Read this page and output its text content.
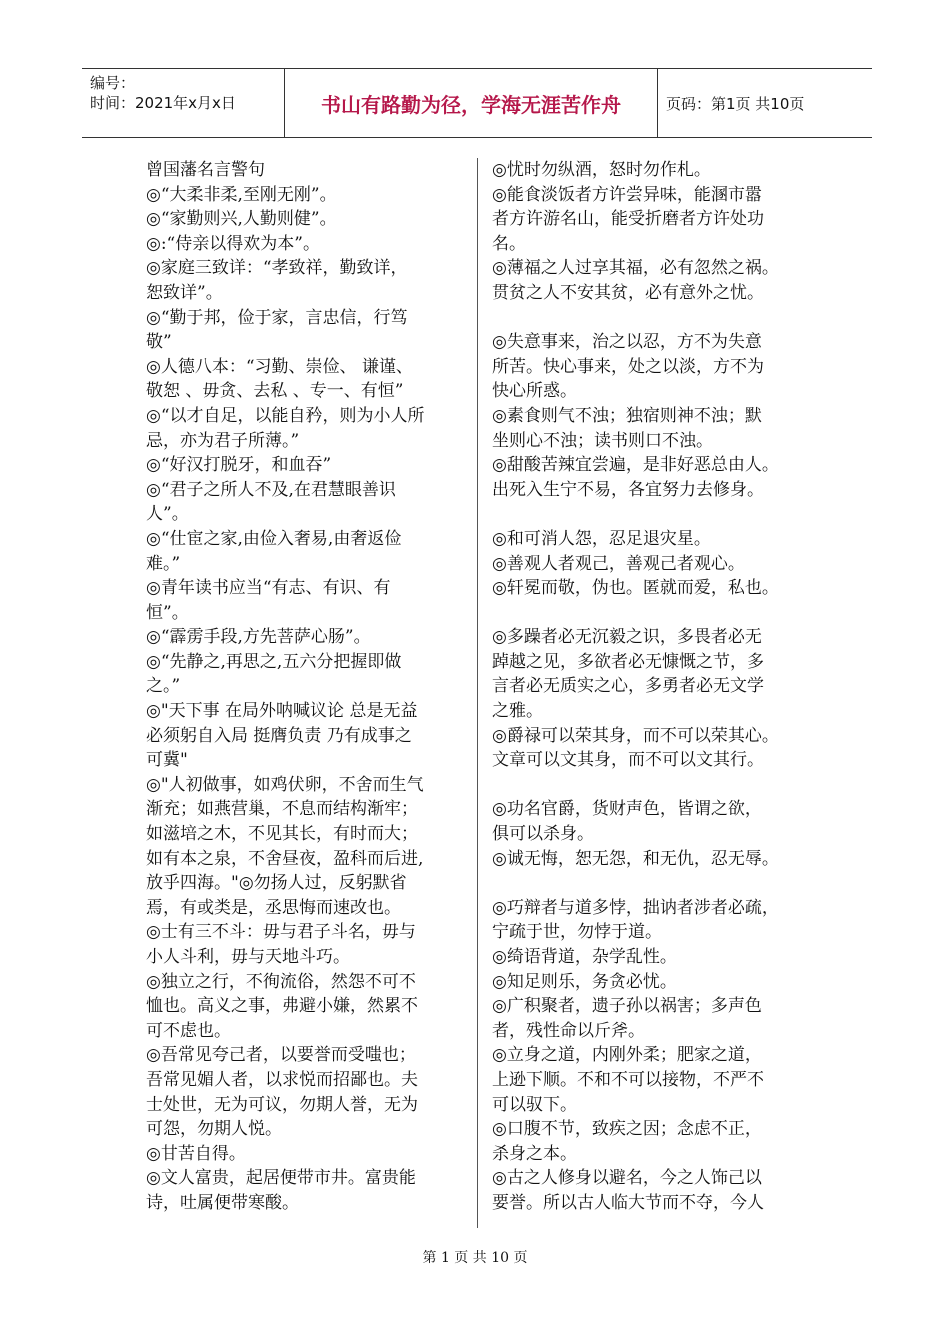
编号：
时间：2021年x月x日	书山有路勤为径，学海无涯苦作舟	页码：第1页 共10页
曾国藩名言警句
◎“大柔非柔,至刚无刚”。
◎“家勤则兴,人勤则健”。
◎:“侍亲以得欢为本”。
◎家庭三致详：“孝致祥，勤致详，
恕致详”。
◎“勤于邦，俭于家，言忠信，行笃
敬”
◎人德八本：“习勤、崇俭、 谦谨、
敬恕 、毋贪、去私 、专一、有恒”
◎“以才自足，以能自矜，则为小人所
忌，亦为君子所薄。”
◎“好汉打脱牙，和血吞”
◎“君子之所人不及,在君慧眼善识
人”。
◎“仕宦之家,由俭入奢易,由奢返俭
难。”
◎青年读书应当“有志、有识、有
恒”。
◎“霹雳手段,方先菩萨心肠”。
◎“先静之,再思之,五六分把握即做
之。”
◎"天下事 在局外呐喊议论 总是无益
必须躬自入局 挺膺负责 乃有成事之
可冀"
◎"人初做事，如鸡伏卵，不舍而生气
渐充；如燕营巢，不息而结构渐牢；
如滋培之木，不见其长，有时而大；
如有本之泉，不舍昼夜，盈科而后进,
放乎四海。"◎勿扬人过，反躬默省
焉，有或类是，丞思悔而速改也。
◎士有三不斗：毋与君子斗名，毋与
小人斗利，毋与天地斗巧。
◎独立之行，不徇流俗，然怨不可不
恤也。高义之事，弗避小嫌，然累不
可不虑也。
◎吾常见夸己者，以要誉而受嗤也；
吾常见媚人者，以求悦而招鄙也。夫
士处世，无为可议，勿期人誉，无为
可怨，勿期人悦。
◎甘苦自得。
◎文人富贵，起居便带市井。富贵能
诗，吐属便带寒酸。
◎忧时勿纵酒，怒时勿作札。
◎能食淡饭者方许尝异味，能溷市嚣
者方许游名山，能受折磨者方许处功
名。
◎薄福之人过享其福，必有忽然之祸。
贯贫之人不安其贫，必有意外之忧。
◎失意事来，治之以忍，方不为失意
所苦。快心事来，处之以淡，方不为
快心所惑。
◎素食则气不浊；独宿则神不浊；默
坐则心不浊；读书则口不浊。
◎甜酸苦辣宜尝遍，是非好恶总由人。
出死入生宁不易，各宜努力去修身。
◎和可消人怨，忍足退灾星。
◎善观人者观己，善观己者观心。
◎轩冕而敬，伪也。匿就而爱，私也。
◎多躁者必无沉毅之识，多畏者必无
踔越之见，多欲者必无慷慨之节，多
言者必无质实之心，多勇者必无文学
之雅。
◎爵禄可以荣其身，而不可以荣其心。
文章可以文其身，而不可以文其行。
◎功名官爵，货财声色，皆谓之欲，
俱可以杀身。
◎诚无悔，恕无怨，和无仇，忍无辱。
◎巧辩者与道多悖，拙讷者涉者必疏，
宁疏于世，勿悖于道。
◎绮语背道，杂学乱性。
◎知足则乐，务贪必忧。
◎广积聚者，遗子孙以祸害；多声色
者，残性命以斤斧。
◎立身之道，内刚外柔；肥家之道，
上逊下顺。不和不可以接物，不严不
可以驭下。
◎口腹不节，致疾之因；念虑不正，
杀身之本。
◎古之人修身以避名，今之人饰己以
要誉。所以古人临大节而不夺，今人
第 1 页 共 10 页
